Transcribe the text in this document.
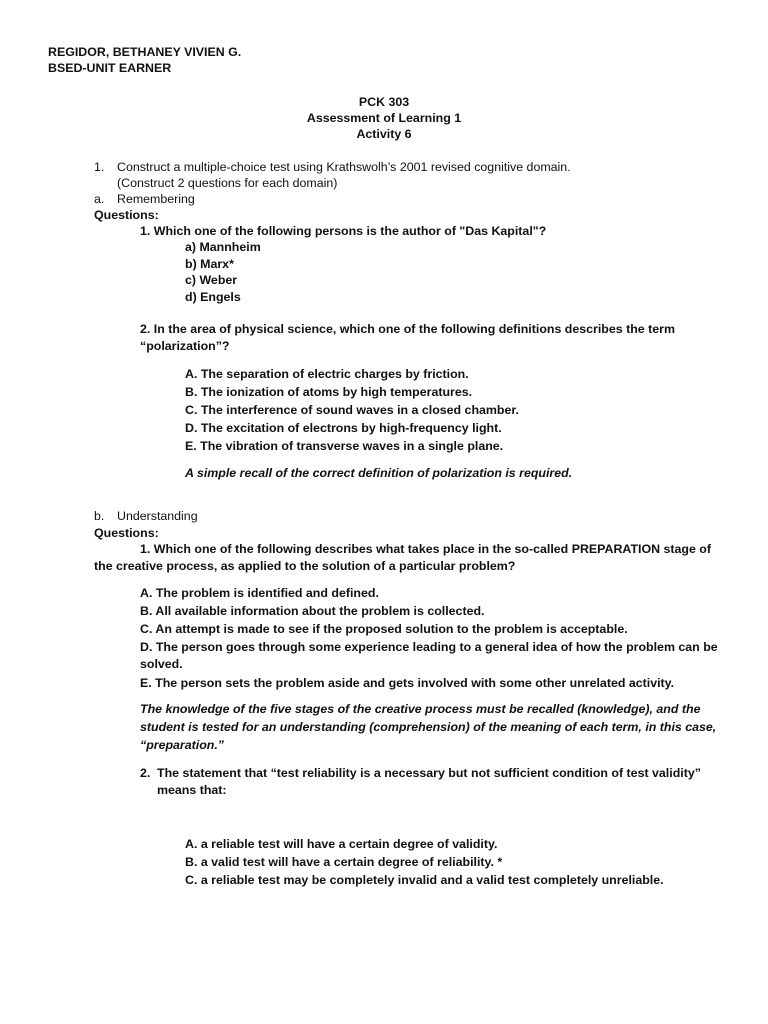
REGIDOR, BETHANEY VIVIEN G.
BSED-UNIT EARNER
PCK 303
Assessment of Learning 1
Activity 6
1. Construct a multiple-choice test using Krathswolh’s 2001 revised cognitive domain.
(Construct 2 questions for each domain)
a. Remembering
Questions:
1. Which one of the following persons is the author of "Das Kapital"?
a) Mannheim
b) Marx*
c) Weber
d) Engels
2. In the area of physical science, which one of the following definitions describes the term
“polarization”?
A. The separation of electric charges by friction.
B. The ionization of atoms by high temperatures.
C. The interference of sound waves in a closed chamber.
D. The excitation of electrons by high-frequency light.
E. The vibration of transverse waves in a single plane.
A simple recall of the correct definition of polarization is required.
b. Understanding
Questions:
1. Which one of the following describes what takes place in the so-called PREPARATION stage of
the creative process, as applied to the solution of a particular problem?
A. The problem is identified and defined.
B. All available information about the problem is collected.
C. An attempt is made to see if the proposed solution to the problem is acceptable.
D. The person goes through some experience leading to a general idea of how the problem can be
solved.
E. The person sets the problem aside and gets involved with some other unrelated activity.
The knowledge of the five stages of the creative process must be recalled (knowledge), and the
student is tested for an understanding (comprehension) of the meaning of each term, in this case,
“preparation.”
2. The statement that “test reliability is a necessary but not sufficient condition of test validity”
means that:
A. a reliable test will have a certain degree of validity.
B. a valid test will have a certain degree of reliability. *
C. a reliable test may be completely invalid and a valid test completely unreliable.
